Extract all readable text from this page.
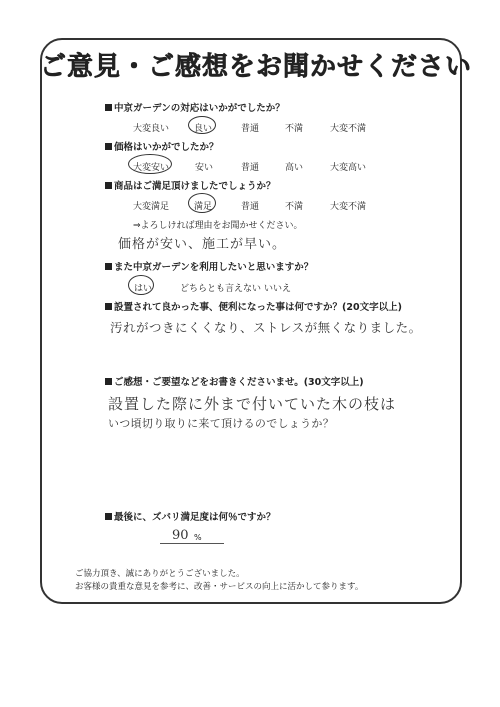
ご意見・ご感想をお聞かせください
中京ガーデンの対応はいかがでしたか？
大変良い	良い	普通	不満	大変不満
価格はいかがでしたか？
大変安い	安い	普通	高い	大変高い
商品はご満足頂けましたでしょうか？
大変満足	満足	普通	不満	大変不満
⇒よろしければ理由をお聞かせください。
価格が安い、施工が早い。
また中京ガーデンを利用したいと思いますか？
はい	どちらとも言えない いいえ
設置されて良かった事、便利になった事は何ですか？(20文字以上)
汚れがつきにくくなり、ストレスが無くなりました。
ご感想・ご要望などをお書きくださいませ。(30文字以上)
設置した際に外まで付いていた木の枝は
いつ頃切り取りに来て頂けるのでしょうか？
最後に、ズバリ満足度は何％ですか？
90 %
ご協力頂き、誠にありがとうございました。
お客様の貴重な意見を参考に、改善・サービスの向上に活かして参ります。
